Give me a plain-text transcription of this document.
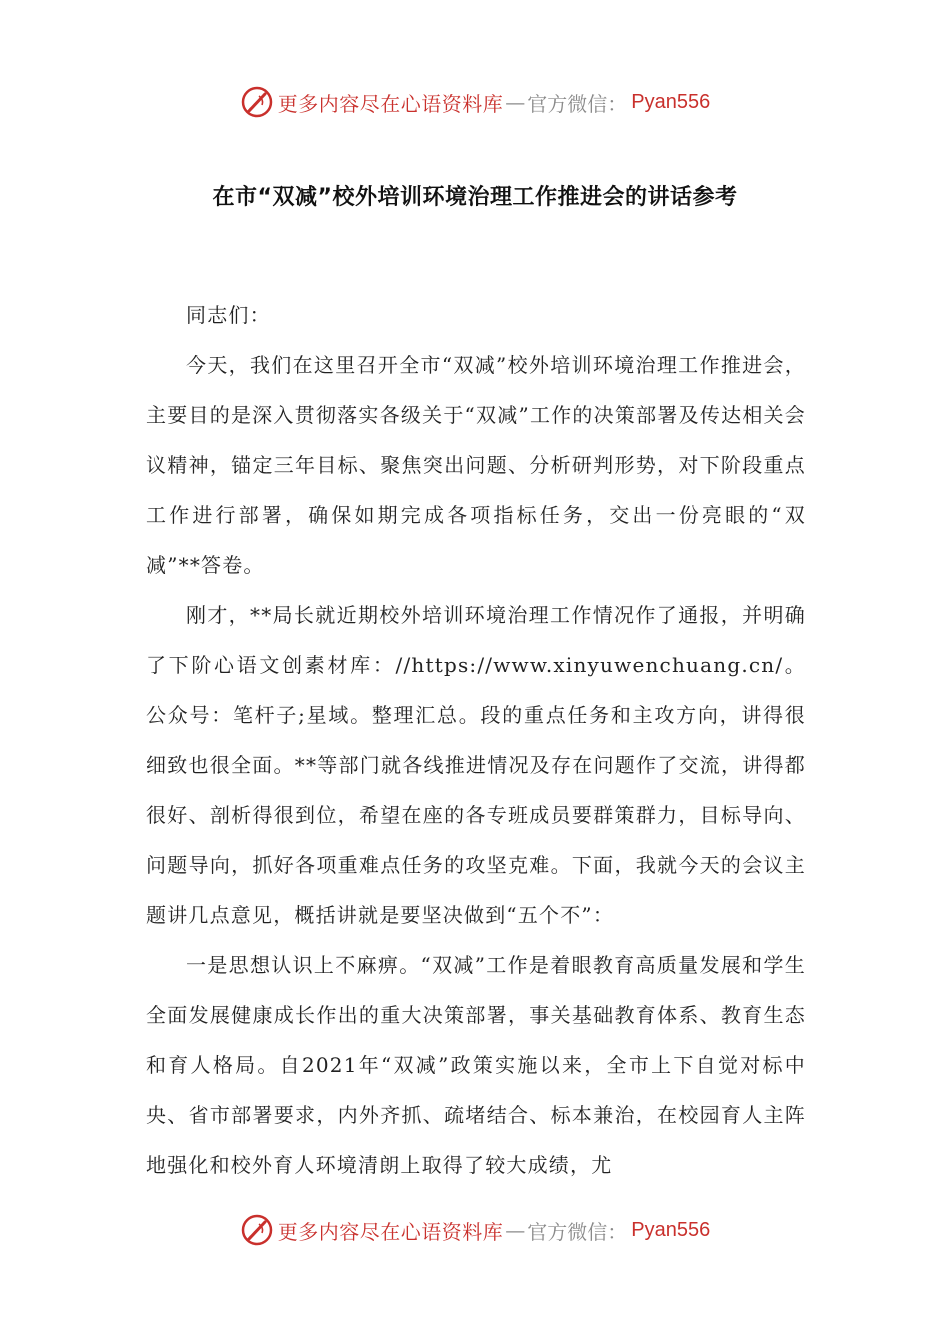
更多内容尽在心语资料库 — 官方微信： Pyan556
在市“双减”校外培训环境治理工作推进会的讲话参考

同志们：

今天，我们在这里召开全市“双减”校外培训环境治理工作推进会，主要目的是深入贯彻落实各级关于“双减”工作的决策部署及传达相关会议精神，锚定三年目标、聚焦突出问题、分析研判形势，对下阶段重点工作进行部署，确保如期完成各项指标任务，交出一份亮眼的“双减”**答卷。

刚才，**局长就近期校外培训环境治理工作情况作了通报，并明确了下阶心语文创素材库：//https://www.xinyuwenchuang.cn/。公众号：笔杆子;星域。整理汇总。段的重点任务和主攻方向，讲得很细致也很全面。**等部门就各线推进情况及存在问题作了交流，讲得都很好、剖析得很到位，希望在座的各专班成员要群策群力，目标导向、问题导向，抓好各项重难点任务的攻坚克难。下面，我就今天的会议主题讲几点意见，概括讲就是要坚决做到“五个不”：

一是思想认识上不麻痹。“双减”工作是着眼教育高质量发展和学生全面发展健康成长作出的重大决策部署，事关基础教育体系、教育生态和育人格局。自2021年“双减”政策实施以来，全市上下自觉对标中央、省市部署要求，内外齐抓、疏堵结合、标本兼治，在校园育人主阵地强化和校外育人环境清朗上取得了较大成绩，尤

更多内容尽在心语资料库 — 官方微信： Pyan556
